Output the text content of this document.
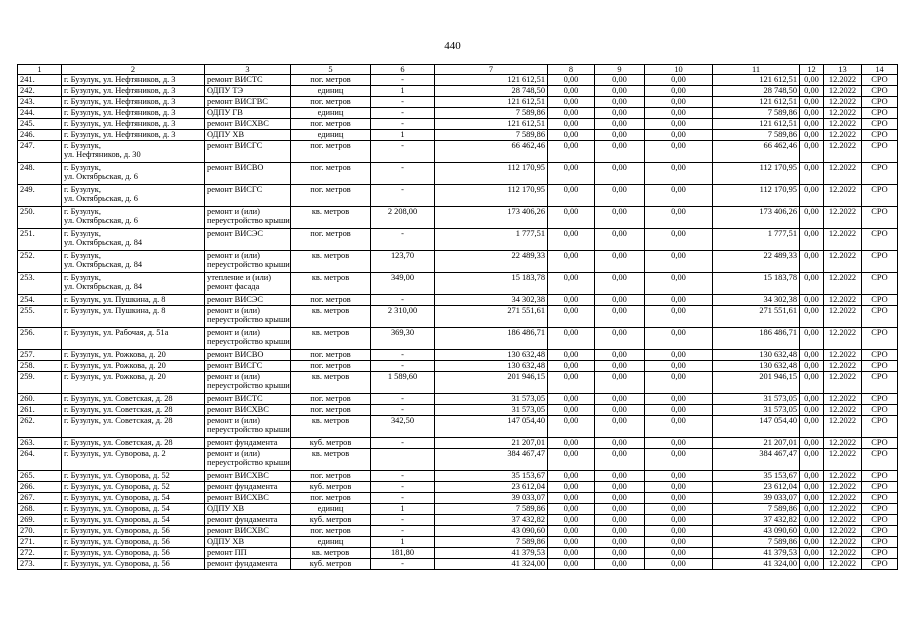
440
1	2	3	5	6	7	8	9	10	11	12	13	14
241.	г. Бузулук, ул. Нефтяников, д. 3	ремонт ВИСТС	пог. метров	-	121 612,51	0,00	0,00	0,00	121 612,51	0,00	12.2022	СРО
242.	г. Бузулук, ул. Нефтяников, д. 3	ОДПУ ТЭ	единиц	1	28 748,50	0,00	0,00	0,00	28 748,50	0,00	12.2022	СРО
243.	г. Бузулук, ул. Нефтяников, д. 3	ремонт ВИСГВС	пог. метров	-	121 612,51	0,00	0,00	0,00	121 612,51	0,00	12.2022	СРО
244.	г. Бузулук, ул. Нефтяников, д. 3	ОДПУ ГВ	единиц	-	7 589,86	0,00	0,00	0,00	7 589,86	0,00	12.2022	СРО
245.	г. Бузулук, ул. Нефтяников, д. 3	ремонт ВИСХВС	пог. метров	-	121 612,51	0,00	0,00	0,00	121 612,51	0,00	12.2022	СРО
246.	г. Бузулук, ул. Нефтяников, д. 3	ОДПУ ХВ	единиц	1	7 589,86	0,00	0,00	0,00	7 589,86	0,00	12.2022	СРО
247.	г. Бузулук,
ул. Нефтяников, д. 30	ремонт ВИСГС	пог. метров	-	66 462,46	0,00	0,00	0,00	66 462,46	0,00	12.2022	СРО
248.	г. Бузулук,
ул. Октябрьская, д. 6	ремонт ВИСВО	пог. метров	-	112 170,95	0,00	0,00	0,00	112 170,95	0,00	12.2022	СРО
249.	г. Бузулук,
ул. Октябрьская, д. 6	ремонт ВИСГС	пог. метров	-	112 170,95	0,00	0,00	0,00	112 170,95	0,00	12.2022	СРО
250.	г. Бузулук,
ул. Октябрьская, д. 6	ремонт и (или)
переустройство крыши	кв. метров	2 208,00	173 406,26	0,00	0,00	0,00	173 406,26	0,00	12.2022	СРО
251.	г. Бузулук,
ул. Октябрьская, д. 84	ремонт ВИСЭС	пог. метров	-	1 777,51	0,00	0,00	0,00	1 777,51	0,00	12.2022	СРО
252.	г. Бузулук,
ул. Октябрьская, д. 84	ремонт и (или)
переустройство крыши	кв. метров	123,70	22 489,33	0,00	0,00	0,00	22 489,33	0,00	12.2022	СРО
253.	г. Бузулук,
ул. Октябрьская, д. 84	утепление и (или)
ремонт фасада	кв. метров	349,00	15 183,78	0,00	0,00	0,00	15 183,78	0,00	12.2022	СРО
254.	г. Бузулук, ул. Пушкина, д. 8	ремонт ВИСЭС	пог. метров	-	34 302,38	0,00	0,00	0,00	34 302,38	0,00	12.2022	СРО
255.	г. Бузулук, ул. Пушкина, д. 8	ремонт и (или)
переустройство крыши	кв. метров	2 310,00	271 551,61	0,00	0,00	0,00	271 551,61	0,00	12.2022	СРО
256.	г. Бузулук, ул. Рабочая, д. 51а	ремонт и (или)
переустройство крыши	кв. метров	369,30	186 486,71	0,00	0,00	0,00	186 486,71	0,00	12.2022	СРО
257.	г. Бузулук, ул. Рожкова, д. 20	ремонт ВИСВО	пог. метров	-	130 632,48	0,00	0,00	0,00	130 632,48	0,00	12.2022	СРО
258.	г. Бузулук, ул. Рожкова, д. 20	ремонт ВИСГС	пог. метров	-	130 632,48	0,00	0,00	0,00	130 632,48	0,00	12.2022	СРО
259.	г. Бузулук, ул. Рожкова, д. 20	ремонт и (или)
переустройство крыши	кв. метров	1 589,60	201 946,15	0,00	0,00	0,00	201 946,15	0,00	12.2022	СРО
260.	г. Бузулук, ул. Советская, д. 28	ремонт ВИСТС	пог. метров	-	31 573,05	0,00	0,00	0,00	31 573,05	0,00	12.2022	СРО
261.	г. Бузулук, ул. Советская, д. 28	ремонт ВИСХВС	пог. метров	-	31 573,05	0,00	0,00	0,00	31 573,05	0,00	12.2022	СРО
262.	г. Бузулук, ул. Советская, д. 28	ремонт и (или)
переустройство крыши	кв. метров	342,50	147 054,40	0,00	0,00	0,00	147 054,40	0,00	12.2022	СРО
263.	г. Бузулук, ул. Советская, д. 28	ремонт фундамента	куб. метров	-	21 207,01	0,00	0,00	0,00	21 207,01	0,00	12.2022	СРО
264.	г. Бузулук, ул. Суворова, д. 2	ремонт и (или)
переустройство крыши	кв. метров		384 467,47	0,00	0,00	0,00	384 467,47	0,00	12.2022	СРО
265.	г. Бузулук, ул. Суворова, д. 52	ремонт ВИСХВС	пог. метров	-	35 153,67	0,00	0,00	0,00	35 153,67	0,00	12.2022	СРО
266.	г. Бузулук, ул. Суворова, д. 52	ремонт фундамента	куб. метров	-	23 612,04	0,00	0,00	0,00	23 612,04	0,00	12.2022	СРО
267.	г. Бузулук, ул. Суворова, д. 54	ремонт ВИСХВС	пог. метров	-	39 033,07	0,00	0,00	0,00	39 033,07	0,00	12.2022	СРО
268.	г. Бузулук, ул. Суворова, д. 54	ОДПУ ХВ	единиц	1	7 589,86	0,00	0,00	0,00	7 589,86	0,00	12.2022	СРО
269.	г. Бузулук, ул. Суворова, д. 54	ремонт фундамента	куб. метров	-	37 432,82	0,00	0,00	0,00	37 432,82	0,00	12.2022	СРО
270.	г. Бузулук, ул. Суворова, д. 56	ремонт ВИСХВС	пог. метров	-	43 090,60	0,00	0,00	0,00	43 090,60	0,00	12.2022	СРО
271.	г. Бузулук, ул. Суворова, д. 56	ОДПУ ХВ	единиц	1	7 589,86	0,00	0,00	0,00	7 589,86	0,00	12.2022	СРО
272.	г. Бузулук, ул. Суворова, д. 56	ремонт ПП	кв. метров	181,80	41 379,53	0,00	0,00	0,00	41 379,53	0,00	12.2022	СРО
273.	г. Бузулук, ул. Суворова, д. 56	ремонт фундамента	куб. метров	-	41 324,00	0,00	0,00	0,00	41 324,00	0,00	12.2022	СРО
